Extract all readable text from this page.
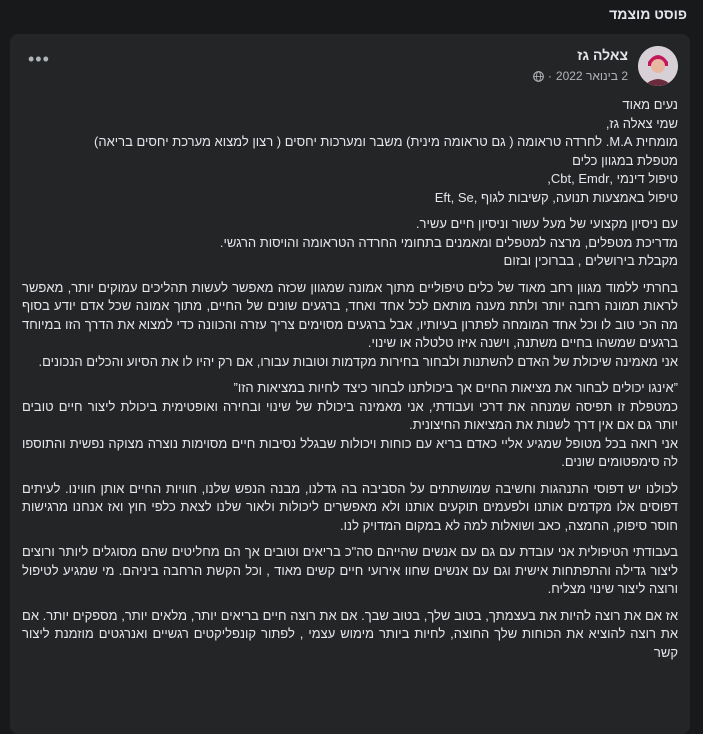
פוסט מוצמד
•••	צאלה גז
2 בינואר 2022
·
נעים מאוד
שמי צאלה גז,
מומחית M.A. לחרדה טראומה ( גם טראומה מינית) משבר ומערכות יחסים ( רצון למצוא מערכת יחסים בריאה)
מטפלת במגוון כלים
טיפול דינמי ,Cbt, Emdr,
טיפול באמצעות תנועה, קשיבות לגוף ,Eft, Se
עם ניסיון מקצועי של מעל עשור וניסיון חיים עשיר.
מדריכת מטפלים, מרצה למטפלים ומאמנים בתחומי החרדה הטראומה והויסות הרגשי.
מקבלת בירושלים , בברוכין ובזום
בחרתי ללמוד מגוון רחב מאוד של כלים טיפוליים מתוך אמונה שמגוון שכזה מאפשר לעשות תהליכים עמוקים יותר, מאפשר לראות תמונה רחבה יותר ולתת מענה מותאם לכל אחד ואחד, ברגעים שונים של החיים, מתוך אמונה שכל אדם יודע בסוף מה הכי טוב לו וכל אחד המומחה לפתרון בעיותיו, אבל ברגעים מסוימים צריך עזרה והכוונה כדי למצוא את הדרך הזו במיוחד ברגעים שמשהו בחיים משתנה, וישנה איזו טלטלה או שינוי.
אני מאמינה שיכולת של האדם להשתנות ולבחור בחירות מקדמות וטובות עבורו, אם רק יהיו לו את הסיוע והכלים הנכונים.
”אינגו יכולים לבחור את מציאות החיים אך ביכולתנו לבחור כיצד לחיות במציאות הזו”
כמטפלת זו תפיסה שמנחה את דרכי ועבודתי, אני מאמינה ביכולת של שינוי ובחירה ואופטימית ביכולת ליצור חיים טובים יותר גם אם אין דרך לשנות את המציאות החיצונית.
אני רואה בכל מטופל שמגיע אליי כאדם בריא עם כוחות ויכולות שבגלל נסיבות חיים מסוימות נוצרה מצוקה נפשית והתוספו לה סימפטומים שונים.
לכולנו יש דפוסי התנהגות וחשיבה שמושתתים על הסביבה בה גדלנו, מבנה הנפש שלנו, חוויות החיים אותן חווינו. לעיתים דפוסים אלו מקדמים אותנו ולפעמים תוקעים אותנו ולא מאפשרים ליכולות ולאור שלנו לצאת כלפי חוץ ואז אנחנו מרגישות חוסר סיפוק, החמצה, כאב ושואלות למה לא במקום המדויק לנו.
בעבודתי הטיפולית אני עובדת עם גם עם אנשים שהייהם סה"כ בריאים וטובים אך הם מחליטים שהם מסוגלים ליותר ורוצים ליצור גדילה והתפתחות אישית וגם עם אנשים שחוו אירועי חיים קשים מאוד , וכל הקשת הרחבה ביניהם. מי שמגיע לטיפול ורוצה ליצור שינוי מצליח.
אז אם את רוצה להיות את בעצמתך, בטוב שלך, בטוב שבך. אם את רוצה חיים בריאים יותר, מלאים יותר, מספקים יותר. אם את רוצה להוציא את הכוחות שלך החוצה, לחיות ביותר מימוש עצמי , לפתור קונפליקטים רגשיים ואנרגטים מוזמנת ליצור קשר
